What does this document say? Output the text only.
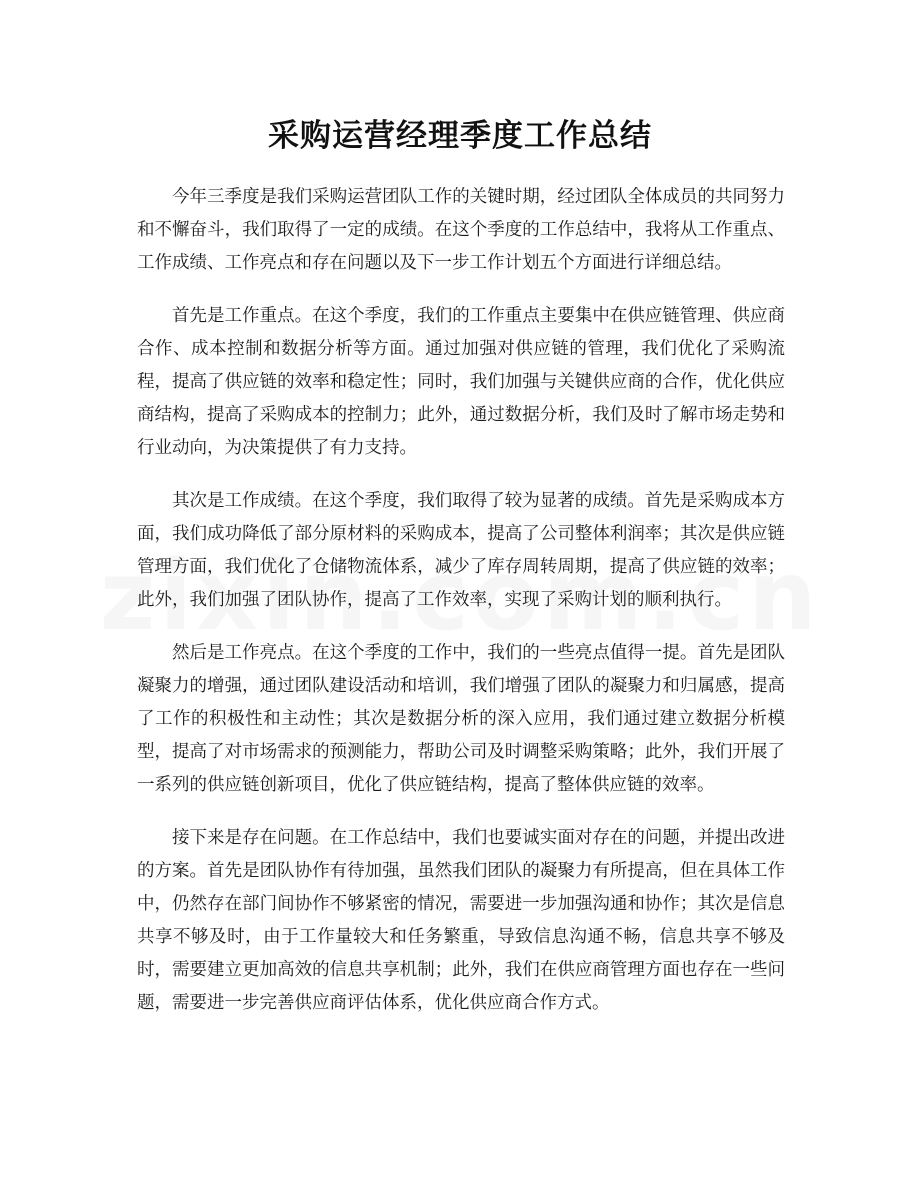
采购运营经理季度工作总结

今年三季度是我们采购运营团队工作的关键时期，经过团队全体成员的共同努力和不懈奋斗，我们取得了一定的成绩。在这个季度的工作总结中，我将从工作重点、工作成绩、工作亮点和存在问题以及下一步工作计划五个方面进行详细总结。

首先是工作重点。在这个季度，我们的工作重点主要集中在供应链管理、供应商合作、成本控制和数据分析等方面。通过加强对供应链的管理，我们优化了采购流程，提高了供应链的效率和稳定性；同时，我们加强与关键供应商的合作，优化供应商结构，提高了采购成本的控制力；此外，通过数据分析，我们及时了解市场走势和行业动向，为决策提供了有力支持。

其次是工作成绩。在这个季度，我们取得了较为显著的成绩。首先是采购成本方面，我们成功降低了部分原材料的采购成本，提高了公司整体利润率；其次是供应链管理方面，我们优化了仓储物流体系，减少了库存周转周期，提高了供应链的效率；此外，我们加强了团队协作，提高了工作效率，实现了采购计划的顺利执行。

然后是工作亮点。在这个季度的工作中，我们的一些亮点值得一提。首先是团队凝聚力的增强，通过团队建设活动和培训，我们增强了团队的凝聚力和归属感，提高了工作的积极性和主动性；其次是数据分析的深入应用，我们通过建立数据分析模型，提高了对市场需求的预测能力，帮助公司及时调整采购策略；此外，我们开展了一系列的供应链创新项目，优化了供应链结构，提高了整体供应链的效率。

接下来是存在问题。在工作总结中，我们也要诚实面对存在的问题，并提出改进的方案。首先是团队协作有待加强，虽然我们团队的凝聚力有所提高，但在具体工作中，仍然存在部门间协作不够紧密的情况，需要进一步加强沟通和协作；其次是信息共享不够及时，由于工作量较大和任务繁重，导致信息沟通不畅，信息共享不够及时，需要建立更加高效的信息共享机制；此外，我们在供应商管理方面也存在一些问题，需要进一步完善供应商评估体系，优化供应商合作方式。
